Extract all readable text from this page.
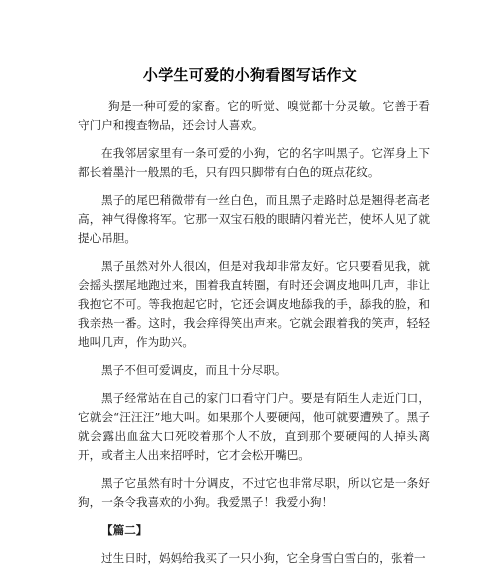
小学生可爱的小狗看图写话作文

狗是一种可爱的家畜。它的听觉、嗅觉都十分灵敏。它善于看守门户和搜查物品，还会讨人喜欢。

在我邻居家里有一条可爱的小狗，它的名字叫黑子。它浑身上下都长着墨汁一般黑的毛，只有四只脚带有白色的斑点花纹。

黑子的尾巴稍微带有一丝白色，而且黑子走路时总是翘得老高老高，神气得像将军。它那一双宝石般的眼睛闪着光芒，使坏人见了就提心吊胆。

黑子虽然对外人很凶，但是对我却非常友好。它只要看见我，就会摇头摆尾地跑过来，围着我直转圈，有时还会调皮地叫几声，非让我抱它不可。等我抱起它时，它还会调皮地舔我的手，舔我的脸，和我亲热一番。这时，我会痒得笑出声来。它就会跟着我的笑声，轻轻地叫几声，作为助兴。

黑子不但可爱调皮，而且十分尽职。

黑子经常站在自己的家门口看守门户。要是有陌生人走近门口，它就会“汪汪汪”地大叫。如果那个人要硬闯，他可就要遭殃了。黑子就会露出血盆大口死咬着那个人不放，直到那个要硬闯的人掉头离开，或者主人出来招呼时，它才会松开嘴巴。

黑子它虽然有时十分调皮，不过它也非常尽职，所以它是一条好狗，一条令我喜欢的小狗。我爱黑子！我爱小狗！

【篇二】

过生日时，妈妈给我买了一只小狗，它全身雪白雪白的，张着一
